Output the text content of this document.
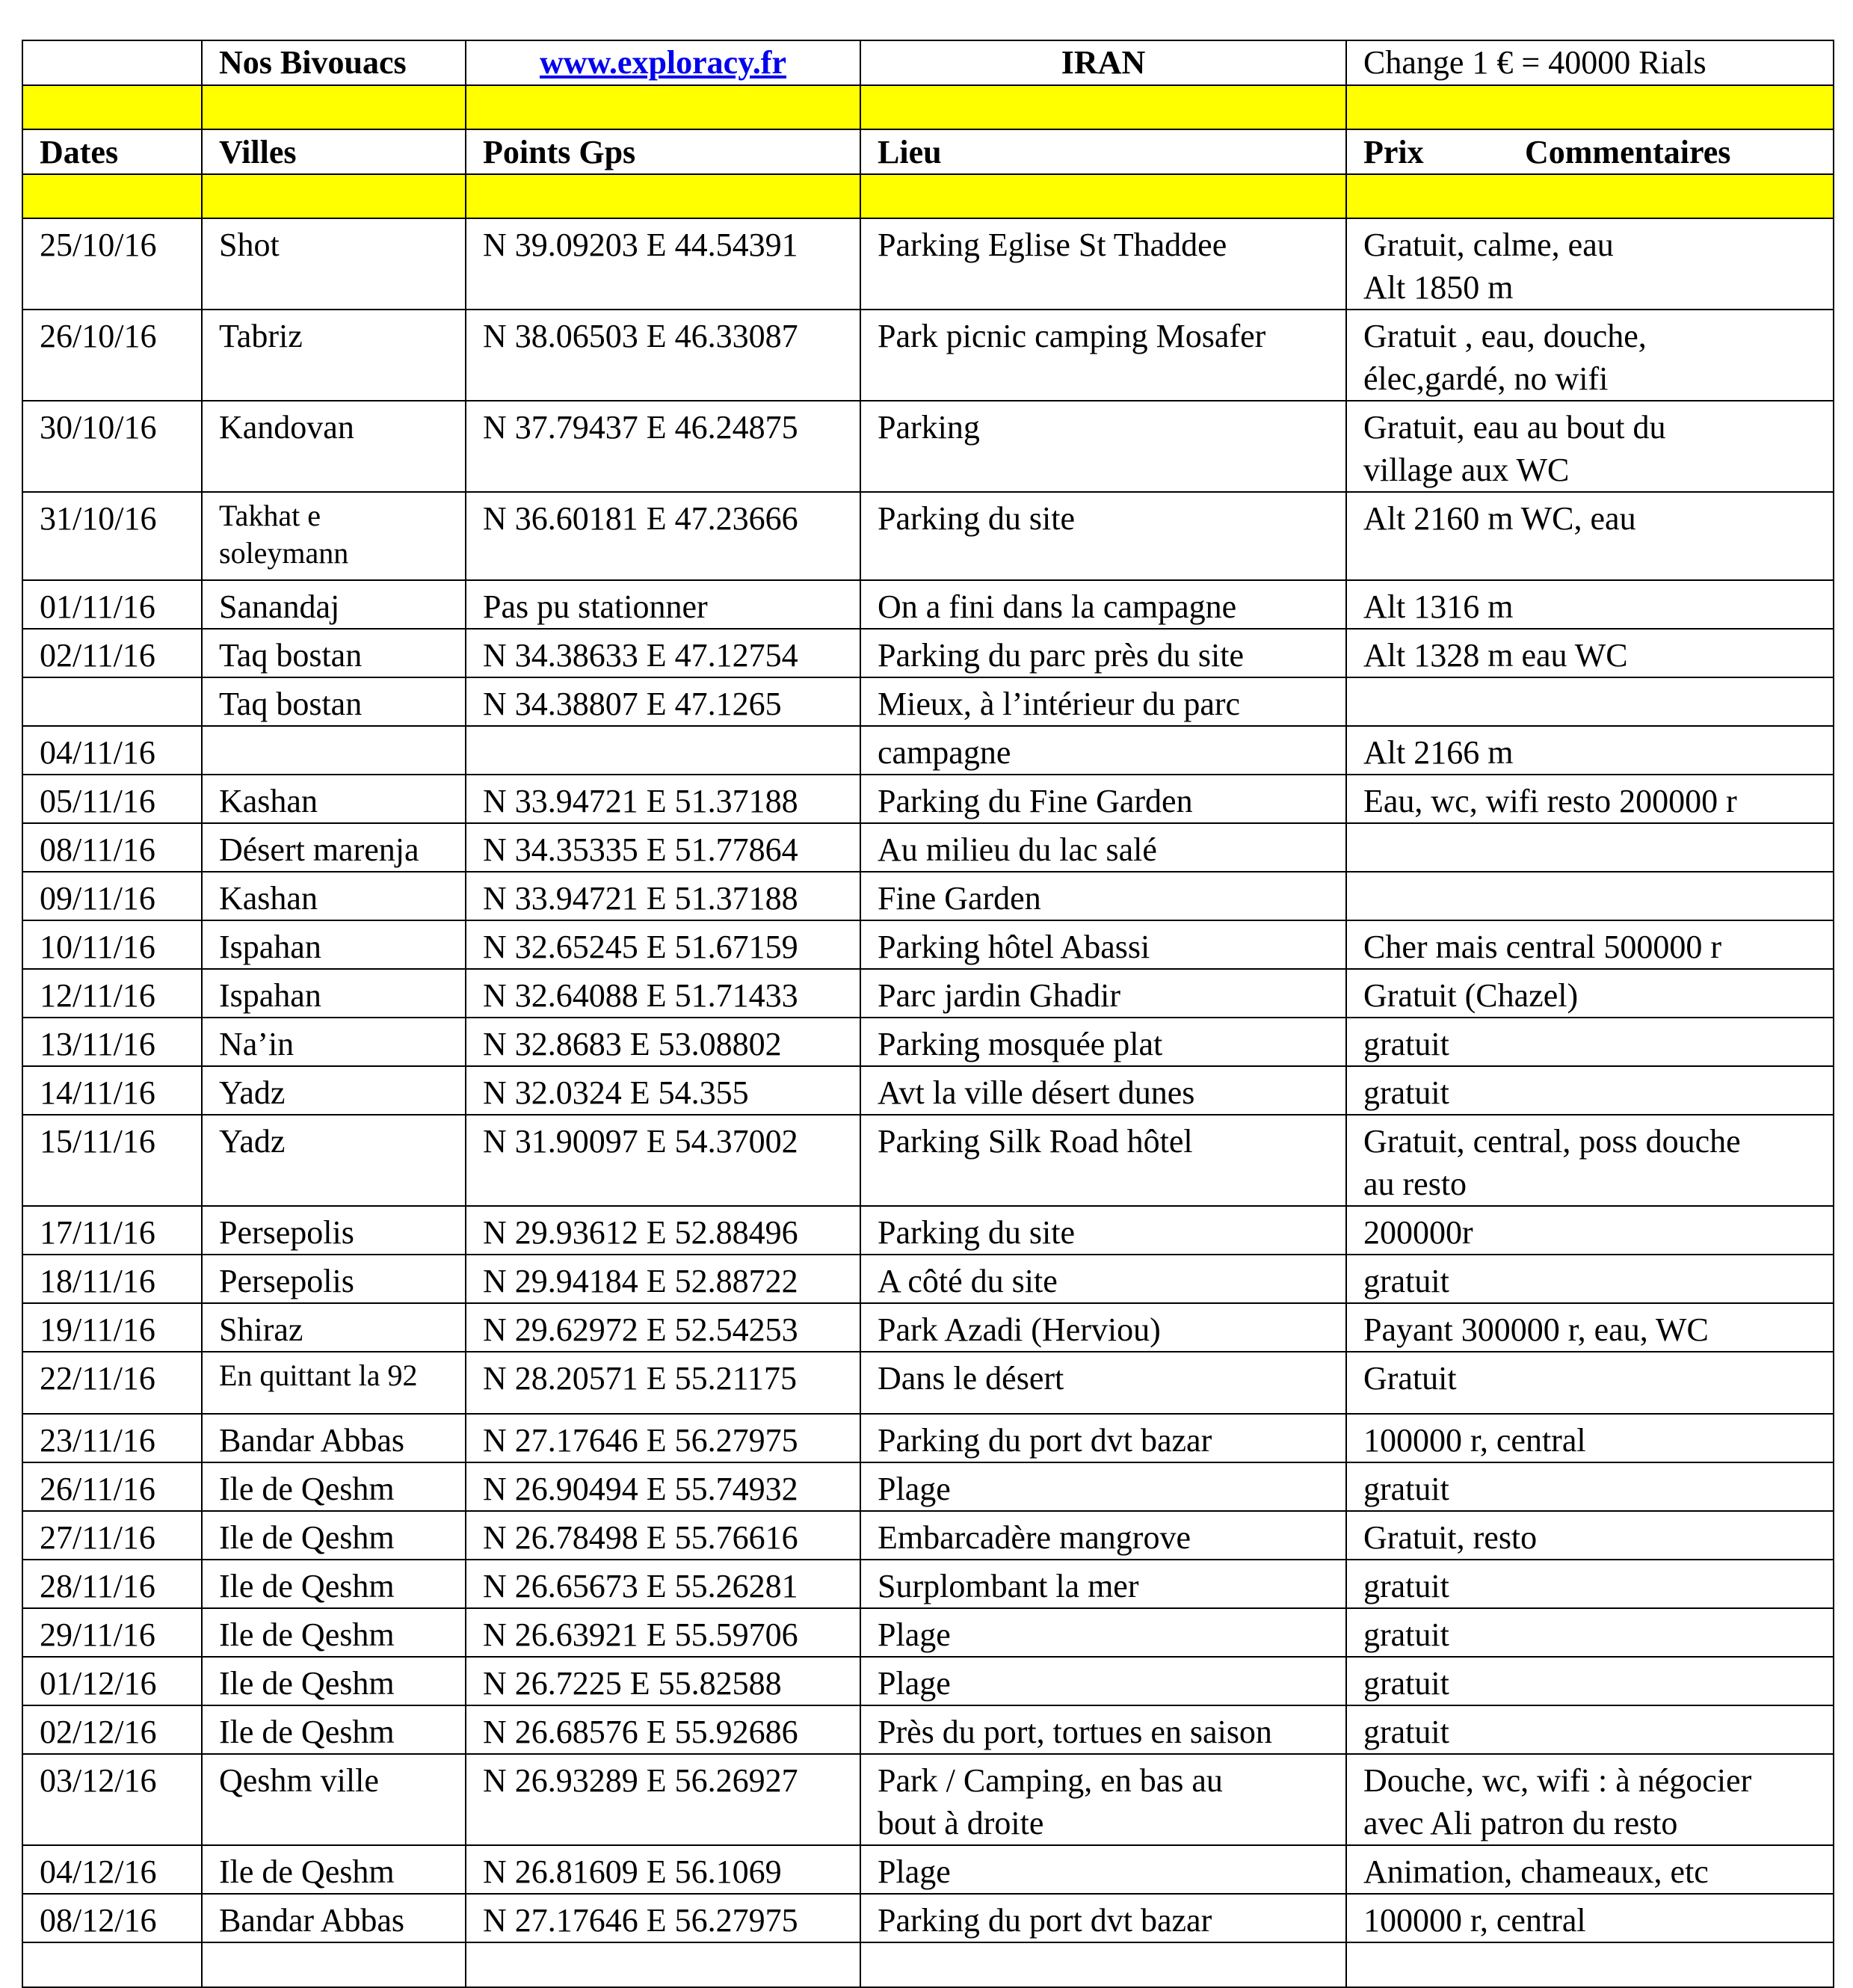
	Nos Bivouacs	www.exploracy.fr	IRAN	Change 1 € = 40000 Rials

Dates	Villes	Points Gps	Lieu	Prix Commentaires

25/10/16	Shot	N 39.09203 E 44.54391	Parking Eglise St Thaddee	Gratuit, calme, eau
Alt 1850 m
26/10/16	Tabriz	N 38.06503 E 46.33087	Park picnic camping Mosafer	Gratuit , eau, douche,
élec,gardé, no wifi
30/10/16	Kandovan	N 37.79437 E 46.24875	Parking	Gratuit, eau au bout du
village aux WC
31/10/16	Takhat e
soleymann	N 36.60181 E 47.23666	Parking du site	Alt 2160 m WC, eau
01/11/16	Sanandaj	Pas pu stationner	On a fini dans la campagne	Alt 1316 m
02/11/16	Taq bostan	N 34.38633 E 47.12754	Parking du parc près du site	Alt 1328 m eau WC
	Taq bostan	N 34.38807 E 47.1265	Mieux, à l’intérieur du parc	
04/11/16			campagne	Alt 2166 m
05/11/16	Kashan	N 33.94721 E 51.37188	Parking du Fine Garden	Eau, wc, wifi resto 200000 r
08/11/16	Désert marenja	N 34.35335 E 51.77864	Au milieu du lac salé	
09/11/16	Kashan	N 33.94721 E 51.37188	Fine Garden	
10/11/16	Ispahan	N 32.65245 E 51.67159	Parking hôtel Abassi	Cher mais central 500000 r
12/11/16	Ispahan	N 32.64088 E 51.71433	Parc jardin Ghadir	Gratuit (Chazel)
13/11/16	Na’in	N 32.8683 E 53.08802	Parking mosquée plat	gratuit
14/11/16	Yadz	N 32.0324 E 54.355	Avt la ville désert dunes	gratuit
15/11/16	Yadz	N 31.90097 E 54.37002	Parking Silk Road hôtel	Gratuit, central, poss douche
au resto
17/11/16	Persepolis	N 29.93612 E 52.88496	Parking du site	200000r
18/11/16	Persepolis	N 29.94184 E 52.88722	A côté du site	gratuit
19/11/16	Shiraz	N 29.62972 E 52.54253	Park Azadi (Herviou)	Payant 300000 r, eau, WC
22/11/16	En quittant la 92	N 28.20571 E 55.21175	Dans le désert	Gratuit
23/11/16	Bandar Abbas	N 27.17646 E 56.27975	Parking du port dvt bazar	100000 r, central
26/11/16	Ile de Qeshm	N 26.90494 E 55.74932	Plage	gratuit
27/11/16	Ile de Qeshm	N 26.78498 E 55.76616	Embarcadère mangrove	Gratuit, resto
28/11/16	Ile de Qeshm	N 26.65673 E 55.26281	Surplombant la mer	gratuit
29/11/16	Ile de Qeshm	N 26.63921 E 55.59706	Plage	gratuit
01/12/16	Ile de Qeshm	N 26.7225 E 55.82588	Plage	gratuit
02/12/16	Ile de Qeshm	N 26.68576 E 55.92686	Près du port, tortues en saison	gratuit
03/12/16	Qeshm ville	N 26.93289 E 56.26927	Park / Camping, en bas au
bout à droite	Douche, wc, wifi : à négocier
avec Ali patron du resto
04/12/16	Ile de Qeshm	N 26.81609 E 56.1069	Plage	Animation, chameaux, etc
08/12/16	Bandar Abbas	N 27.17646 E 56.27975	Parking du port dvt bazar	100000 r, central
